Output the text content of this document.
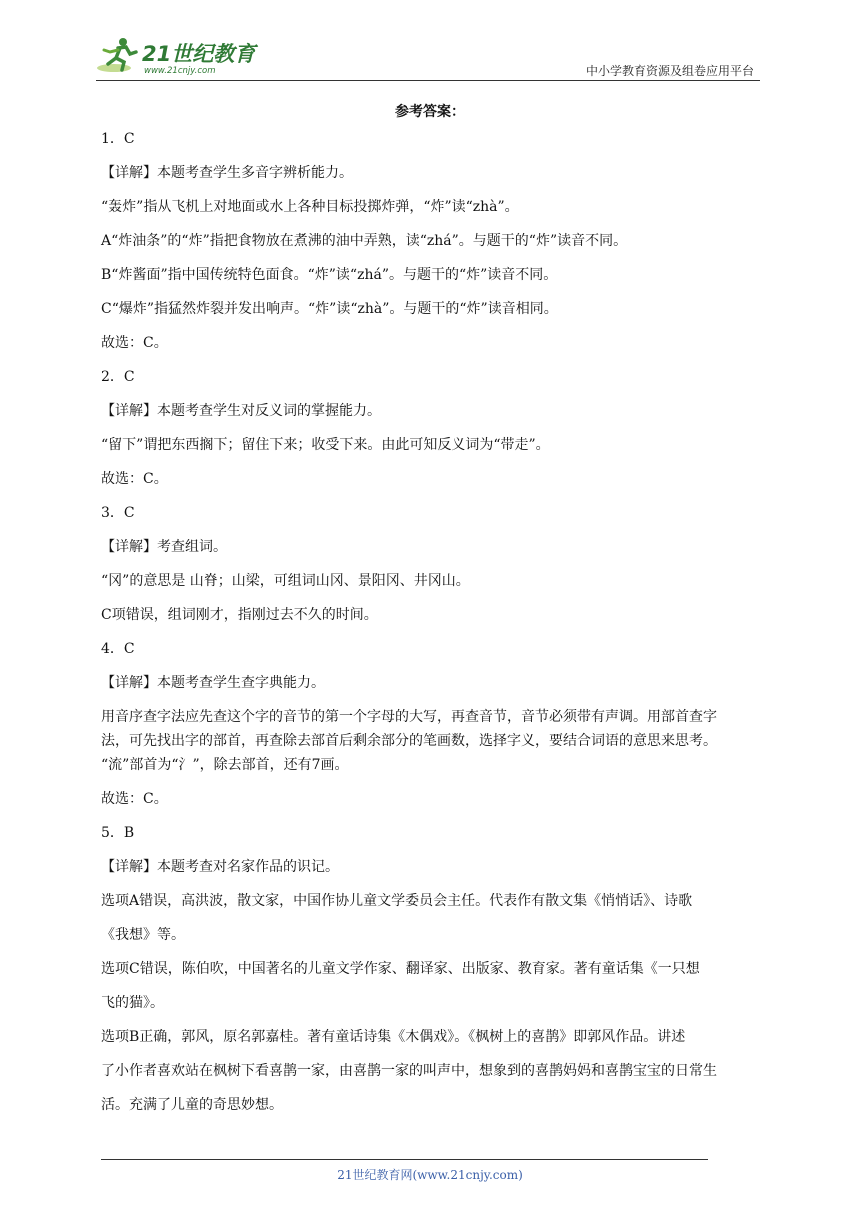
21世纪教育
www.21cnjy.com	中小学教育资源及组卷应用平台
参考答案：
1．C
【详解】本题考查学生多音字辨析能力。
“轰炸”指从飞机上对地面或水上各种目标投掷炸弹，“炸”读“zhà”。
A“炸油条”的“炸”指把食物放在煮沸的油中弄熟，读“zhá”。与题干的“炸”读音不同。
B“炸酱面”指中国传统特色面食。“炸”读“zhá”。与题干的“炸”读音不同。
C“爆炸”指猛然炸裂并发出响声。“炸”读“zhà”。与题干的“炸”读音相同。
故选：C。
2．C
【详解】本题考查学生对反义词的掌握能力。
“留下”谓把东西搁下；留住下来；收受下来。由此可知反义词为“带走”。
故选：C。
3．C
【详解】考查组词。
“冈”的意思是 山脊；山梁，可组词山冈、景阳冈、井冈山。
C项错误，组词刚才，指刚过去不久的时间。
4．C
【详解】本题考查学生查字典能力。
用音序查字法应先查这个字的音节的第一个字母的大写，再查音节，音节必须带有声调。用部首查字
法，可先找出字的部首，再查除去部首后剩余部分的笔画数，选择字义，要结合词语的意思来思考。
“流”部首为“氵”，除去部首，还有7画。
故选：C。
5．B
【详解】本题考查对名家作品的识记。
选项A错误，高洪波，散文家，中国作协儿童文学委员会主任。代表作有散文集《悄悄话》、诗歌
《我想》等。
选项C错误，陈伯吹，中国著名的儿童文学作家、翻译家、出版家、教育家。著有童话集《一只想
飞的猫》。
选项B正确，郭风，原名郭嘉桂。著有童话诗集《木偶戏》。《枫树上的喜鹊》即郭风作品。讲述
了小作者喜欢站在枫树下看喜鹊一家，由喜鹊一家的叫声中，想象到的喜鹊妈妈和喜鹊宝宝的日常生
活。充满了儿童的奇思妙想。
21世纪教育网(www.21cnjy.com)
